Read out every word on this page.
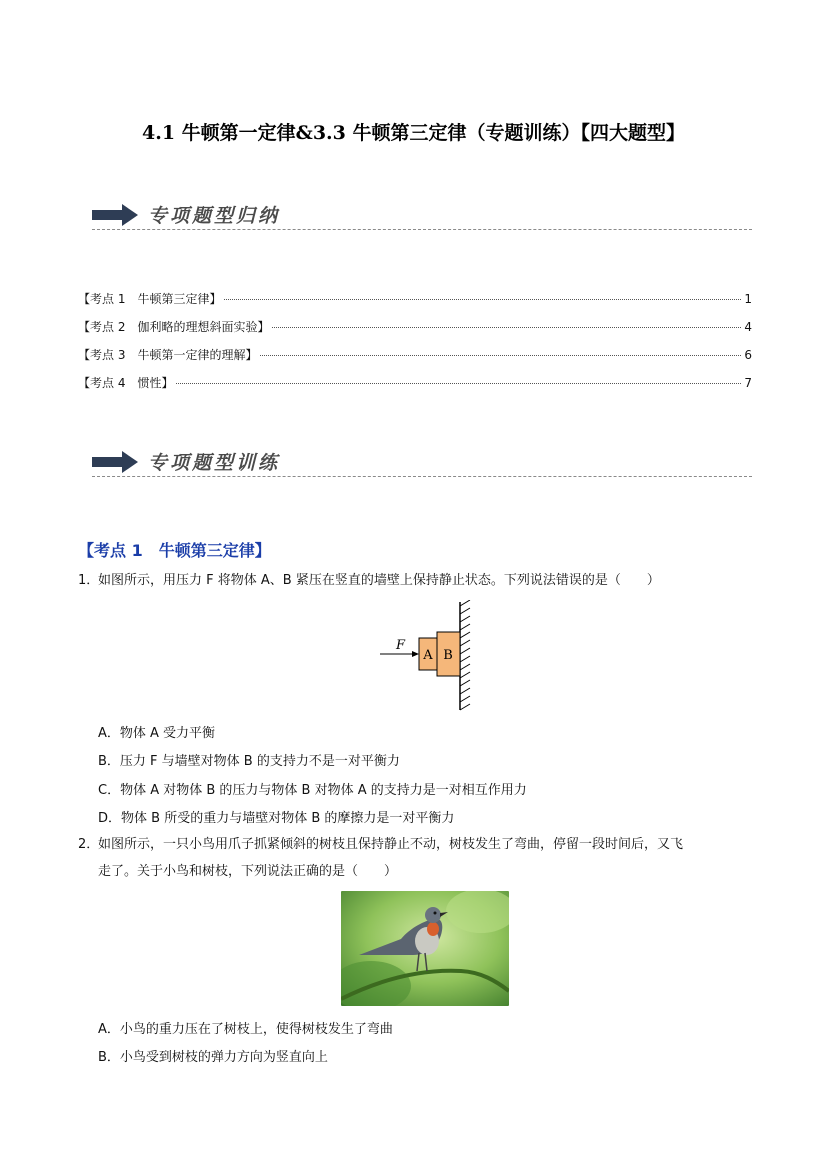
4.1 牛顿第一定律&3.3 牛顿第三定律（专题训练）【四大题型】
专项题型归纳
【考点 1　牛顿第三定律】	1
【考点 2　伽利略的理想斜面实验】	4
【考点 3　牛顿第一定律的理解】	6
【考点 4　惯性】	7
专项题型训练
【考点 1　牛顿第三定律】
1．
如图所示，用压力 F 将物体 A、B 紧压在竖直的墙壁上保持静止状态。下列说法错误的是（　　）
A B
F
A．物体 A 受力平衡
B．压力 F 与墙壁对物体 B 的支持力不是一对平衡力
C．物体 A 对物体 B 的压力与物体 B 对物体 A 的支持力是一对相互作用力
D．物体 B 所受的重力与墙壁对物体 B 的摩擦力是一对平衡力
2．
如图所示，一只小鸟用爪子抓紧倾斜的树枝且保持静止不动，树枝发生了弯曲，停留一段时间后，又飞
走了。关于小鸟和树枝，下列说法正确的是（　　）
A．小鸟的重力压在了树枝上，使得树枝发生了弯曲
B．小鸟受到树枝的弹力方向为竖直向上
